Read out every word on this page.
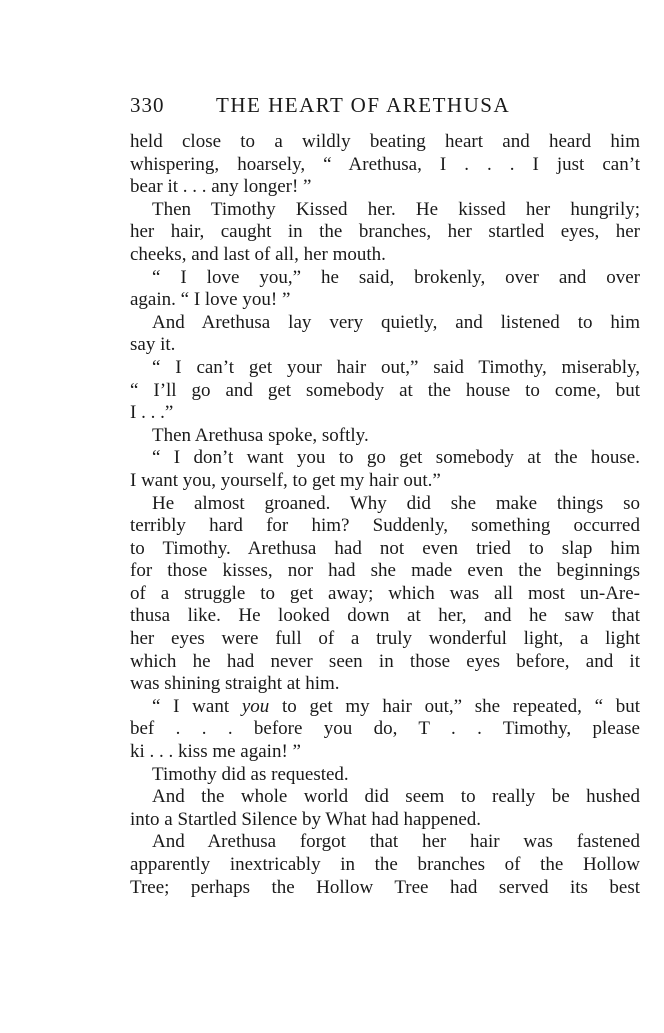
330 THE HEART OF ARETHUSA
held close to a wildly beating heart and heard him
whispering, hoarsely, “ Arethusa, I . . . I just can’t
bear it . . . any longer! ”
Then Timothy Kissed her. He kissed her hungrily;
her hair, caught in the branches, her startled eyes, her
cheeks, and last of all, her mouth.
“ I love you,” he said, brokenly, over and over
again. “ I love you! ”
And Arethusa lay very quietly, and listened to him
say it.
“ I can’t get your hair out,” said Timothy, miserably,
“ I’ll go and get somebody at the house to come, but
I . . .”
Then Arethusa spoke, softly.
“ I don’t want you to go get somebody at the house.
I want you, yourself, to get my hair out.”
He almost groaned. Why did she make things so
terribly hard for him? Suddenly, something occurred
to Timothy. Arethusa had not even tried to slap him
for those kisses, nor had she made even the beginnings
of a struggle to get away; which was all most un-Are-
thusa like. He looked down at her, and he saw that
her eyes were full of a truly wonderful light, a light
which he had never seen in those eyes before, and it
was shining straight at him.
“ I want you to get my hair out,” she repeated, “ but
bef . . . before you do, T . . Timothy, please
ki . . . kiss me again! ”
Timothy did as requested.
And the whole world did seem to really be hushed
into a Startled Silence by What had happened.
And Arethusa forgot that her hair was fastened
apparently inextricably in the branches of the Hollow
Tree; perhaps the Hollow Tree had served its best
